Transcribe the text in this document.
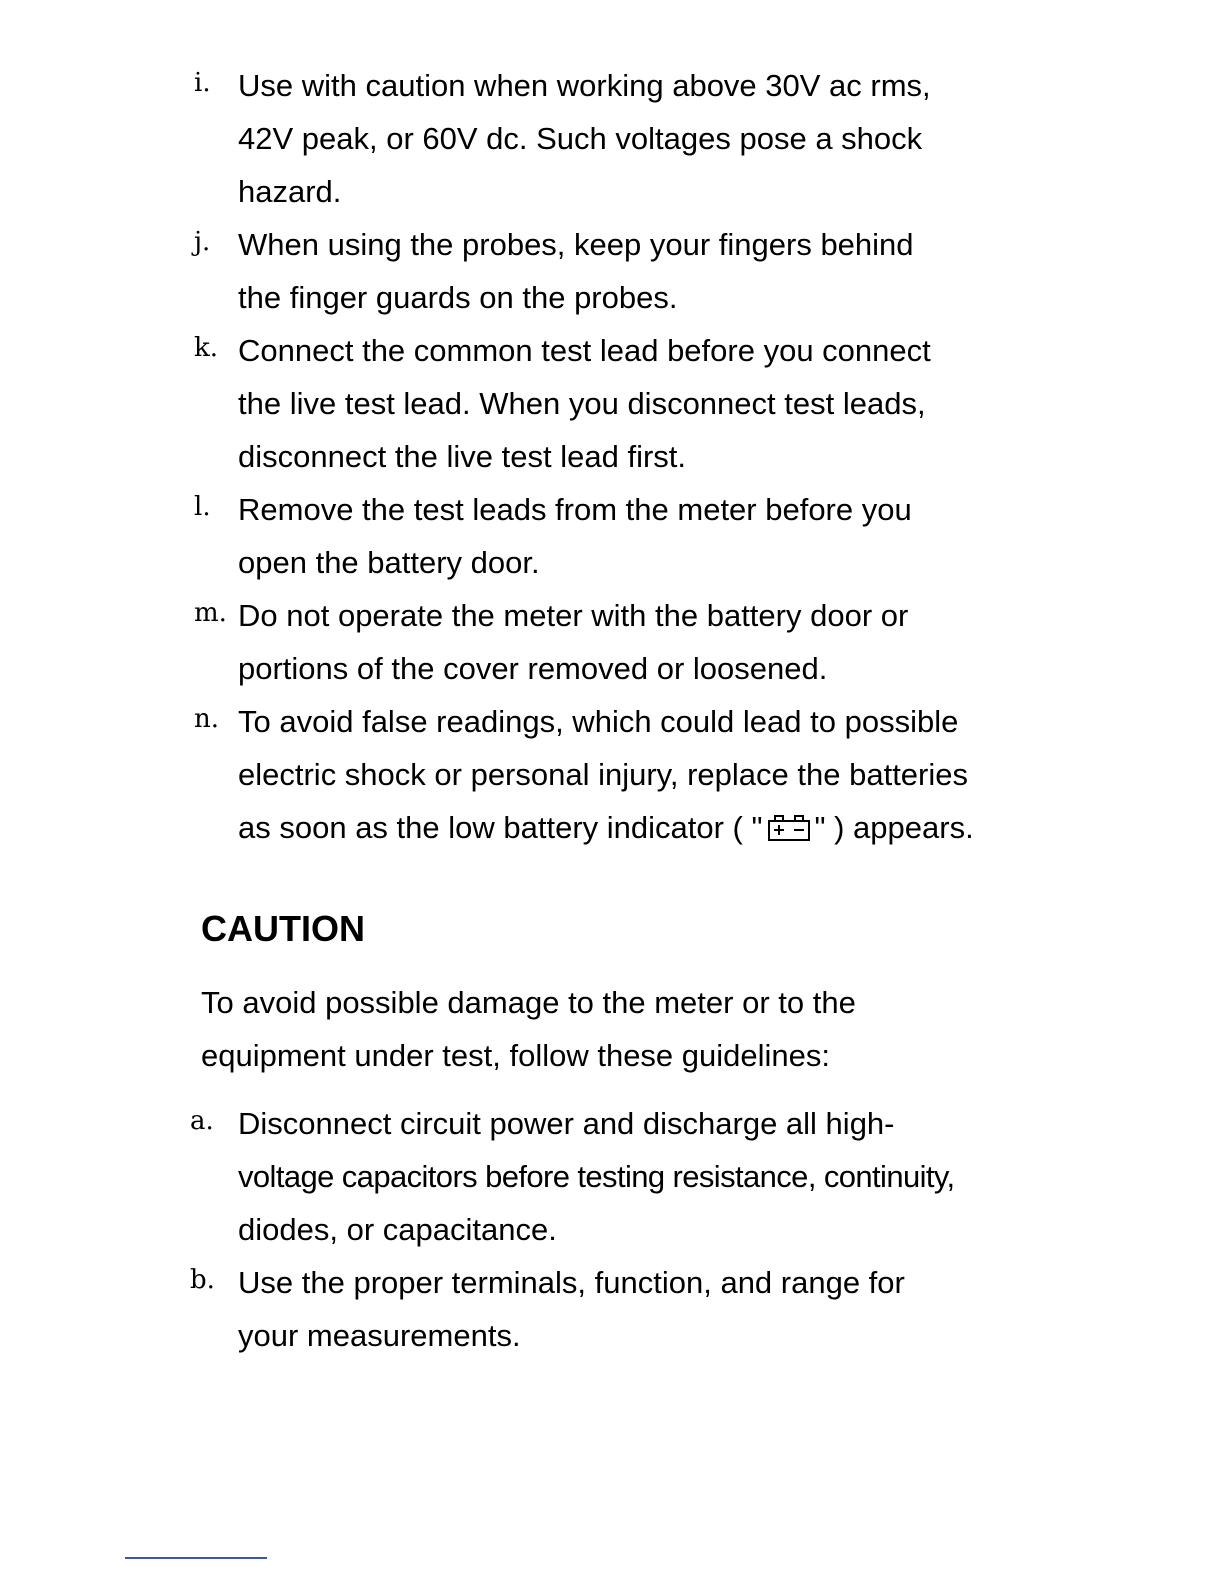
i. Use with caution when working above 30V ac rms,
42V peak, or 60V dc. Such voltages pose a shock
hazard.
j. When using the probes, keep your fingers behind
the finger guards on the probes.
k. Connect the common test lead before you connect
the live test lead. When you disconnect test leads,
disconnect the live test lead first.
l. Remove the test leads from the meter before you
open the battery door.
m. Do not operate the meter with the battery door or
portions of the cover removed or loosened.
n. To avoid false readings, which could lead to possible
electric shock or personal injury, replace the batteries
as soon as the low battery indicator ( " " ) appears.
CAUTION
To avoid possible damage to the meter or to the
equipment under test, follow these guidelines:
a. Disconnect circuit power and discharge all high-
voltage capacitors before testing resistance, continuity,
diodes, or capacitance.
b. Use the proper terminals, function, and range for
your measurements.
